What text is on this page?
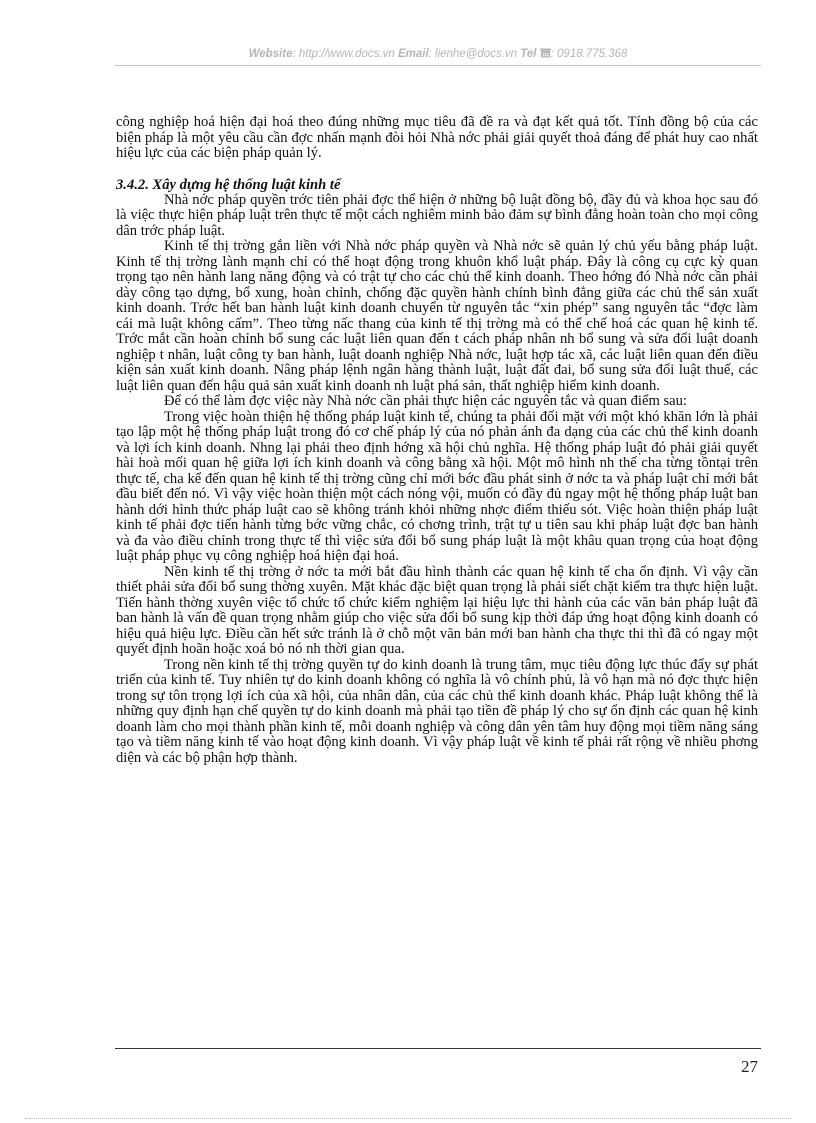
Website: http://www.docs.vn Email: lienhe@docs.vn Tel : 0918.775.368

công nghiệp hoá hiện đại hoá theo đúng những mục tiêu đã đề ra và đạt kết quả tốt. Tính đồng bộ của các biện pháp là một yêu cầu cần đợc nhấn mạnh đòi hỏi Nhà nớc phải giải quyết thoả đáng để phát huy cao nhất hiệu lực của các biện pháp quản lý.

3.4.2. Xây dựng hệ thống luật kinh tế

Nhà nớc pháp quyền trớc tiên phải đợc thể hiện ở những bộ luật đồng bộ, đầy đủ và khoa học sau đó là việc thực hiện pháp luật trên thực tế một cách nghiêm minh bảo đảm sự bình đẳng hoàn toàn cho mọi công dân trớc pháp luật.

Kinh tế thị trờng gắn liền với Nhà nớc pháp quyền và Nhà nớc sẽ quản lý chủ yếu bằng pháp luật. Kinh tế thị trờng lành mạnh chỉ có thể hoạt động trong khuôn khổ luật pháp. Đây là công cụ cực kỳ quan trọng tạo nên hành lang năng động và có trật tự cho các chủ thể kinh doanh. Theo hớng đó Nhà nớc cần phải dày công tạo dựng, bổ xung, hoàn chỉnh, chống đặc quyền hành chính bình đẳng giữa các chủ thể sản xuất kinh doanh. Trớc hết ban hành luật kinh doanh chuyển từ nguyên tắc “xin phép” sang nguyên tắc “đợc làm cái mà luật không cấm”. Theo từng nấc thang của kinh tế thị trờng mà có thể chế hoá các quan hệ kinh tế. Trớc mắt cần hoàn chỉnh bổ sung các luật liên quan đến t cách pháp nhân nh bổ sung và sửa đổi luật doanh nghiệp t nhân, luật công ty ban hành, luật doanh nghiệp Nhà nớc, luật hợp tác xã, các luật liên quan đến điều kiện sản xuất kinh doanh. Nâng pháp lệnh ngân hàng thành luật, luật đất đai, bổ sung sửa đổi luật thuế, các luật liên quan đến hậu quả sản xuất kinh doanh nh luật phá sản, thất nghiệp hiểm kinh doanh.

Để có thể làm đợc việc này Nhà nớc cần phải thực hiện các nguyên tắc và quan điểm sau:

Trong việc hoàn thiện hệ thống pháp luật kinh tế, chúng ta phải đối mặt với một khó khăn lớn là phải tạo lập một hệ thống pháp luật trong đó cơ chế pháp lý của nó phản ánh đa dạng của các chủ thể kinh doanh và lợi ích kinh doanh. Nhng lại phải theo định hớng xã hội chủ nghĩa. Hệ thống pháp luật đó phải giải quyết hài hoà mối quan hệ giữa lợi ích kinh doanh và công bằng xã hội. Một mô hình nh thế cha từng tồntại trên thực tế, cha kể đến quan hệ kinh tế thị trờng cũng chỉ mới bớc đầu phát sinh ở nớc ta và pháp luật chỉ mới bắt đầu biết đến nó. Vì vậy việc hoàn thiện một cách nóng vội, muốn có đầy đủ ngay một hệ thống pháp luật ban hành dới hình thức pháp luật cao sẽ không tránh khỏi những nhợc điểm thiếu sót. Việc hoàn thiện pháp luật kinh tế phải đợc tiến hành từng bớc vững chắc, có chơng trình, trật tự u tiên sau khi pháp luật đợc ban hành và đa vào điều chỉnh trong thực tế thì việc sửa đổi bổ sung pháp luật là một khâu quan trọng của hoạt động luật pháp phục vụ công nghiệp hoá hiện đại hoá.

Nền kinh tế thị trờng ở nớc ta mới bắt đầu hình thành các quan hệ kinh tế cha ổn định. Vì vậy cần thiết phải sửa đổi bổ sung thờng xuyên. Mặt khác đặc biệt quan trọng là phải siết chặt kiểm tra thực hiện luật. Tiến hành thờng xuyên việc tổ chức tổ chức kiểm nghiệm lại hiệu lực thi hành của các văn bản pháp luật đã ban hành là vấn đề quan trọng nhằm giúp cho việc sửa đổi bổ sung kịp thời đáp ứng hoạt động kinh doanh có hiệu quả hiệu lực. Điều cần hết sức tránh là ở chỗ một văn bản mới ban hành cha thực thi thì đã có ngay một quyết định hoãn hoặc xoá bỏ nó nh thời gian qua.

Trong nền kinh tế thị trờng quyền tự do kinh doanh là trung tâm, mục tiêu động lực thúc đẩy sự phát triển của kinh tế. Tuy nhiên tự do kinh doanh không có nghĩa là vô chính phủ, là vô hạn mà nó đợc thực hiện trong sự tôn trọng lợi ích của xã hội, của nhân dân, của các chủ thể kinh doanh khác. Pháp luật không thể là những quy định hạn chế quyền tự do kinh doanh mà phải tạo tiền đề pháp lý cho sự ổn định các quan hệ kinh doanh làm cho mọi thành phần kinh tế, mỗi doanh nghiệp và công dân yên tâm huy động mọi tiềm năng sáng tạo và tiềm năng kinh tế vào hoạt động kinh doanh. Vì vậy pháp luật về kinh tế phải rất rộng về nhiều phơng diện và các bộ phận hợp thành.

27
